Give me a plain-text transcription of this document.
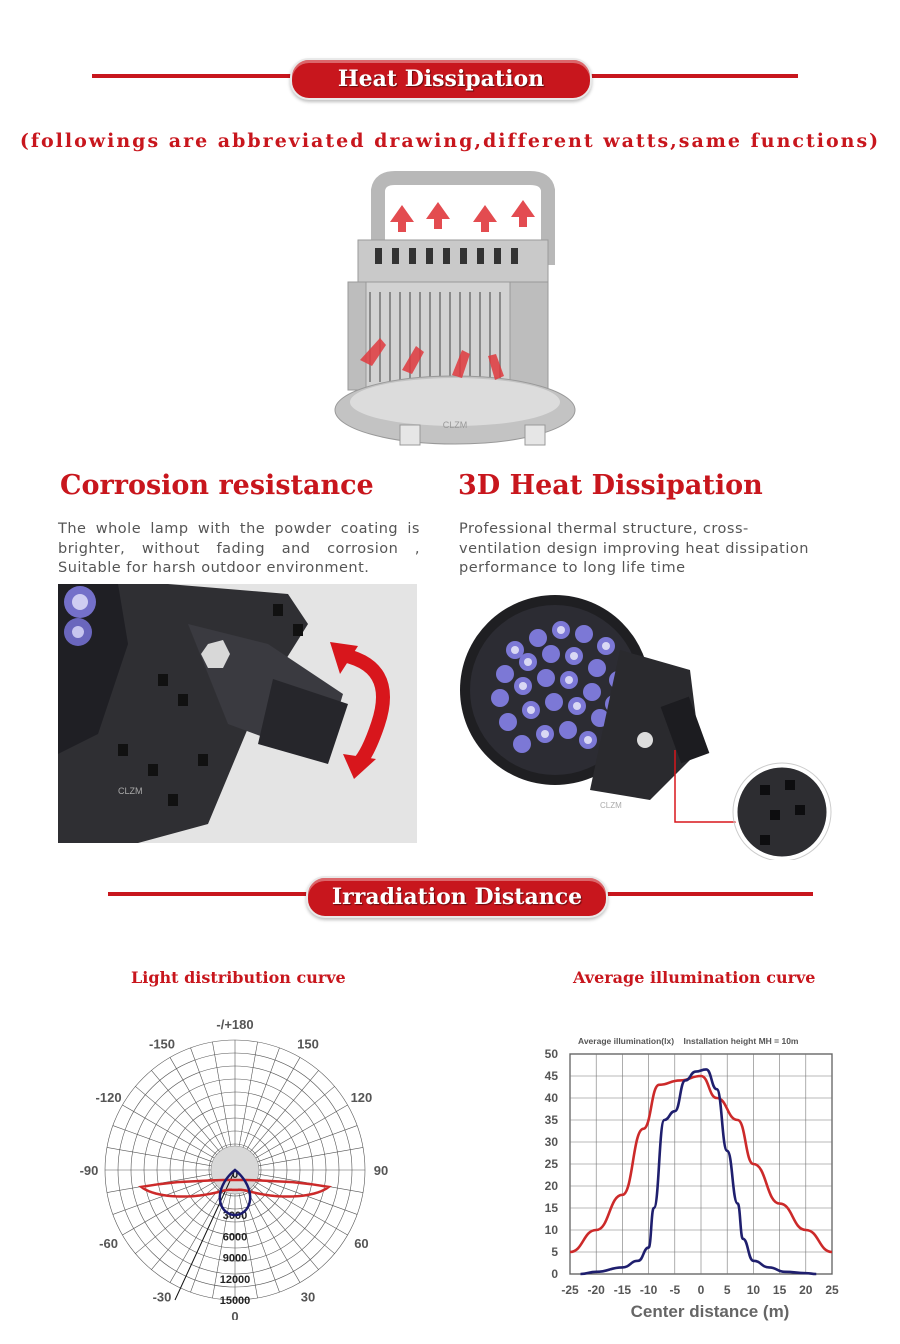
Heat Dissipation
(followings are abbreviated drawing,different watts,same functions)
CLZM
Corrosion resistance	3D Heat Dissipation
The whole lamp with the powder coating is brighter, without fading and corrosion , Suitable for harsh outdoor environment.
Professional thermal structure, cross-ventilation design improving heat dissipation performance to long life time
CLZM
CLZM
Irradiation Distance
Light distribution curve	Average illumination curve
-/+180
-150	150
-120	120
-90	90
-60	60
-30	30
0
0
3000
6000
9000
12000
15000
Average illumination(lx)    Installation height MH = 10m
0
5
10
15
20
25
30
35
40
45
50
-25 -20 -15 -10 -5 0 5 10 15 20 25
Center distance (m)
